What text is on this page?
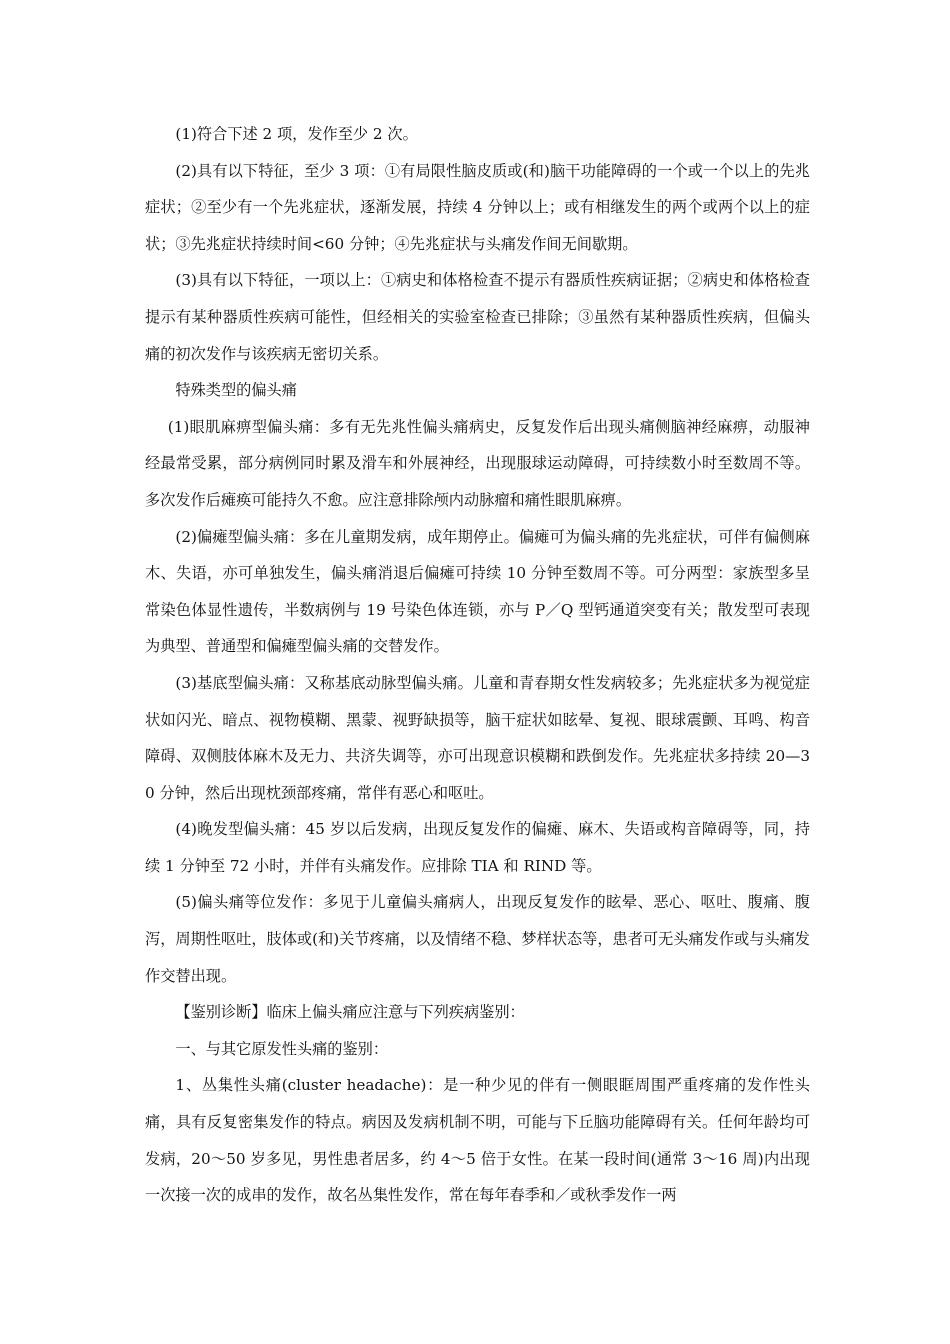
(1)符合下述 2 项，发作至少 2 次。

(2)具有以下特征，至少 3 项：①有局限性脑皮质或(和)脑干功能障碍的一个或一个以上的先兆症状；②至少有一个先兆症状，逐渐发展，持续 4 分钟以上；或有相继发生的两个或两个以上的症状；③先兆症状持续时间<60 分钟；④先兆症状与头痛发作间无间歇期。

(3)具有以下特征，一项以上：①病史和体格检查不提示有器质性疾病证据；②病史和体格检查提示有某种器质性疾病可能性，但经相关的实验室检查已排除；③虽然有某种器质性疾病，但偏头痛的初次发作与该疾病无密切关系。

特殊类型的偏头痛

(1)眼肌麻痹型偏头痛：多有无先兆性偏头痛病史，反复发作后出现头痛侧脑神经麻痹，动服神经最常受累，部分病例同时累及滑车和外展神经，出现服球运动障碍，可持续数小时至数周不等。多次发作后瘫痪可能持久不愈。应注意排除颅内动脉瘤和痛性眼肌麻痹。

(2)偏瘫型偏头痛：多在儿童期发病，成年期停止。偏瘫可为偏头痛的先兆症状，可伴有偏侧麻木、失语，亦可单独发生，偏头痛消退后偏瘫可持续 10 分钟至数周不等。可分两型：家族型多呈常染色体显性遗传，半数病例与 19 号染色体连锁，亦与 P／Q 型钙通道突变有关；散发型可表现为典型、普通型和偏瘫型偏头痛的交替发作。

(3)基底型偏头痛：又称基底动脉型偏头痛。儿童和青春期女性发病较多；先兆症状多为视觉症状如闪光、暗点、视物模糊、黑蒙、视野缺损等，脑干症状如眩晕、复视、眼球震颤、耳鸣、构音障碍、双侧肢体麻木及无力、共济失调等，亦可出现意识模糊和跌倒发作。先兆症状多持续 20—30 分钟，然后出现枕颈部疼痛，常伴有恶心和呕吐。

(4)晚发型偏头痛：45 岁以后发病，出现反复发作的偏瘫、麻木、失语或构音障碍等，同，持续 1 分钟至 72 小时，并伴有头痛发作。应排除 TIA 和 RIND 等。

(5)偏头痛等位发作：多见于儿童偏头痛病人，出现反复发作的眩晕、恶心、呕吐、腹痛、腹泻，周期性呕吐，肢体或(和)关节疼痛，以及情绪不稳、梦样状态等，患者可无头痛发作或与头痛发作交替出现。

【鉴别诊断】临床上偏头痛应注意与下列疾病鉴别：

一、与其它原发性头痛的鉴别：

1、丛集性头痛(cluster headache)：是一种少见的伴有一侧眼眶周围严重疼痛的发作性头痛，具有反复密集发作的特点。病因及发病机制不明，可能与下丘脑功能障碍有关。任何年龄均可发病，20～50 岁多见，男性患者居多，约 4～5 倍于女性。在某一段时间(通常 3～16 周)内出现一次接一次的成串的发作，故名丛集性发作，常在每年春季和／或秋季发作一两
